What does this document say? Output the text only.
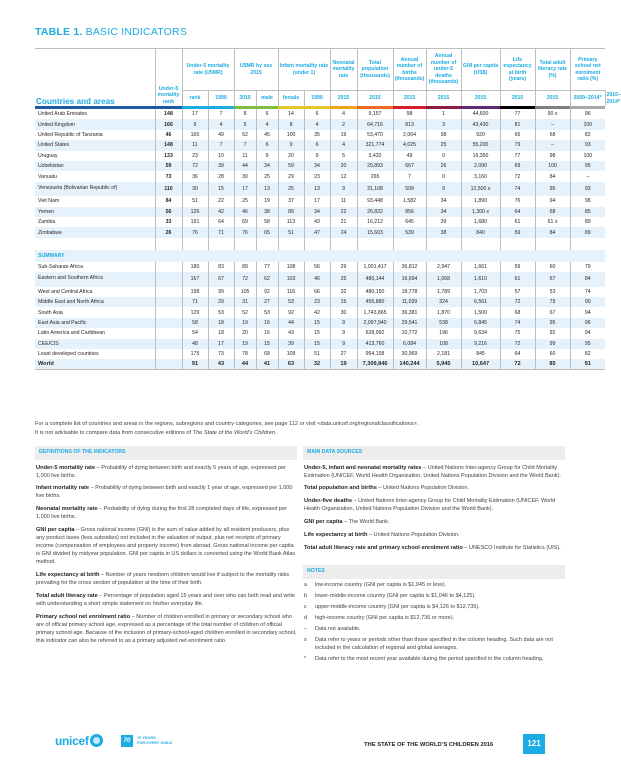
TABLE 1. BASIC INDICATORS
Countries and areas	Under-5 mortality rank	Under-5 mortality rate (U5MR)		U5MR by sex 2015		Infant mortality rate (under 1)		Neonatal mortality rate	Total population (thousands)	Annual number of births (thousands)	Annual number of under-5 deaths (thousands)	GNI per capita (US$)	Life expectancy at birth (years)	Total adult literacy rate (%)	Primary school net enrolment ratio (%)	
		rank	1990	2015	male	female	1990	2015	2015	2015	2015	2015	2015	2015	2009–2014*	2010–2014*

United Arab Emirates	148	17	7	8	6	14	6	4	9,157	98	1	44,600	77	90 x	96	
United Kingdom	166	9	4	5	4	8	4	2	64,716	813	3	43,430	81	–	100	
United Republic of Tanzania	46	165	49	52	45	100	35	19	53,470	2,064	98	920	66	68	82	
United States	148	11	7	7	6	9	6	4	321,774	4,025	25	55,200	79	–	93	
Uruguay	133	23	10	11	9	20	9	5	3,432	49	0	16,350	77	98	100	
Uzbekistan	59	72	39	44	34	59	34	20	29,893	667	26	2,090	69	100	95	
Vanuatu	73	36	28	30	25	29	23	12	265	7	0	3,160	72	84	–	
Venezuela (Bolivarian Republic of)	110	30	15	17	13	25	13	9	31,108	599	9	12,500 x	74	95	93	
Viet Nam	84	51	22	25	19	37	17	11	93,448	1,582	34	1,890	76	94	98	
Yemen	56	126	42	46	38	89	34	22	26,832	856	34	1,300 x	64	68	85	
Zambia	33	191	64	69	58	113	43	21	16,212	645	39	1,680	61	61 x	89	
Zimbabwe	26	76	71	76	65	51	47	24	15,603	539	38	840	59	84	89	

SUMMARY																
Sub-Saharan Africa		180	83	89	77	108	56	29	1,001,417	36,812	2,947	1,661	59	60	79	
Eastern and Southern Africa		167	67	72	62	103	46	25	480,144	16,694	1,068	1,610	61	67	84	
West and Central Africa		198	99	105	92	116	66	32	480,150	18,778	1,789	1,703	57	53	74	
Middle East and North Africa		71	29	31	27	53	23	15	455,880	11,039	324	6,561	72	79	90	
South Asia		129	53	52	53	92	42	30	1,743,865	36,381	1,870	1,500	68	67	94	
East Asia and Pacific		58	18	19	16	44	15	9	2,097,940	29,541	538	6,845	74	95	96	
Latin America and Caribbean		54	18	20	16	43	15	9	628,992	10,772	196	9,634	75	92	94	
CEE/CIS		48	17	19	15	39	15	9	413,760	6,084	108	9,216	72	99	95	
Least developed countries		175	73	78	68	109	51	27	954,158	30,969	2,181	845	64	60	82	
World		91	43	44	41	63	32	19	7,309,846	140,244	5,945	10,647	72	85	91	
For a complete list of countries and areas in the regions, subregions and country categories, see page 112 or visit <data.unicef.org/regionalclassifications>.
It is not advisable to compare data from consecutive editions of The State of the World’s Children.
DEFINITIONS OF THE INDICATORS
Under-5 mortality rate – Probability of dying between birth and exactly 5 years of age, expressed per 1,000 live births.
Infant mortality rate – Probability of dying between birth and exactly 1 year of age, expressed per 1,000 live births.
Neonatal mortality rate – Probability of dying during the first 28 completed days of life, expressed per 1,000 live births.
GNI per capita – Gross national income (GNI) is the sum of value added by all resident producers, plus any product taxes (less subsidies) not included in the valuation of output, plus net receipts of primary income (compensation of employees and property income) from abroad. Gross national income per capita is GNI divided by midyear population. GNI per capita in US dollars is converted using the World Bank Atlas method.
Life expectancy at birth – Number of years newborn children would live if subject to the mortality risks prevailing for the cross section of population at the time of their birth.
Total adult literacy rate – Percentage of population aged 15 years and over who can both read and write with understanding a short simple statement on his/her everyday life.
Primary school net enrolment ratio – Number of children enrolled in primary or secondary school who are of official primary school age, expressed as a percentage of the total number of children of official primary school age. Because of the inclusion of primary-school-aged children enrolled in secondary school, this indicator can also be referred to as a primary adjusted net enrolment ratio.
MAIN DATA SOURCES
Under-5, infant and neonatal mortality rates – United Nations Inter-agency Group for Child Mortality Estimation (UNICEF, World Health Organization, United Nations Population Division and the World Bank).
Total population and births – United Nations Population Division.
Under-five deaths – United Nations Inter-agency Group for Child Mortality Estimation (UNICEF, World Health Organization, United Nations Population Division and the World Bank).
GNI per capita – The World Bank.
Life expectancy at birth – United Nations Population Division.
Total adult literacy rate and primary school enrolment ratio – UNESCO Institute for Statistics (UIS).
NOTES
a	low-income country (GNI per capita is $1,045 or less).
b	lower-middle-income country (GNI per capita is $1,046 to $4,125).
c	upper-middle-income country (GNI per capita is $4,126 to $12,735).
d	high-income country (GNI per capita is $12,736 or more).
–	Data not available.
x	Data refer to years or periods other than those specified in the column heading. Such data are not included in the calculation of regional and global averages.
*	Data refer to the most recent year available during the period specified in the column heading.
unicef	70
70 YEARS
FOR EVERY CHILD	THE STATE OF THE WORLD’S CHILDREN 2016	121
